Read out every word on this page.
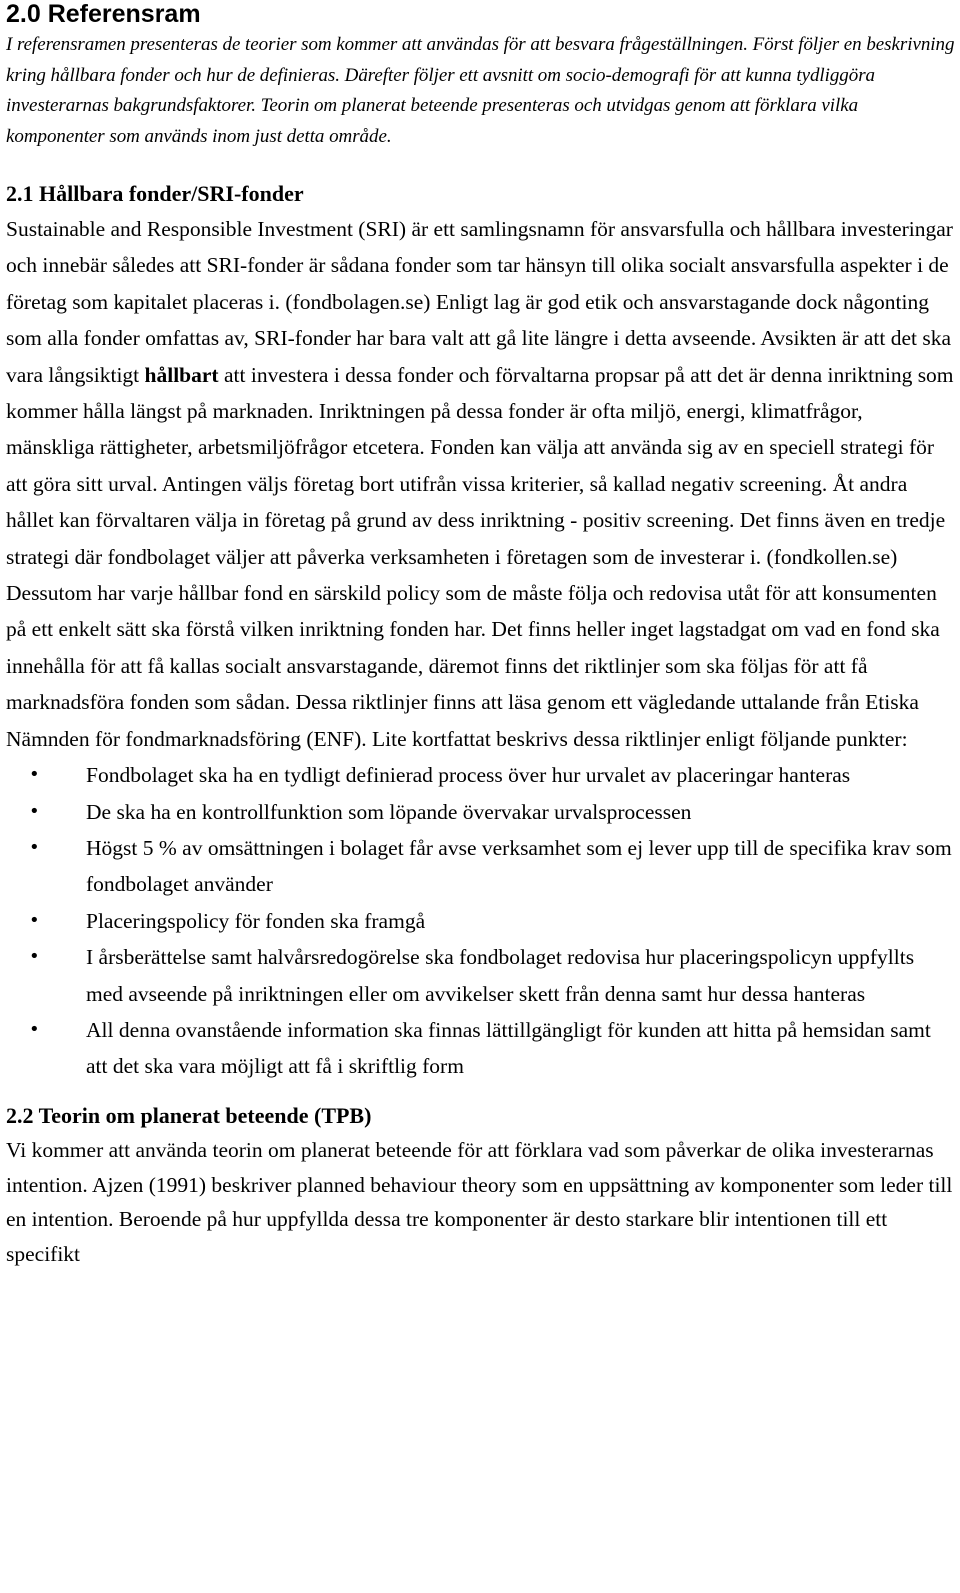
2.0 Referensram

I referensramen presenteras de teorier som kommer att användas för att besvara frågeställningen. Först följer en beskrivning kring hållbara fonder och hur de definieras. Därefter följer ett avsnitt om socio-demografi för att kunna tydliggöra investerarnas bakgrundsfaktorer. Teorin om planerat beteende presenteras och utvidgas genom att förklara vilka komponenter som används inom just detta område.

2.1 Hållbara fonder/SRI-fonder

Sustainable and Responsible Investment (SRI) är ett samlingsnamn för ansvarsfulla och hållbara investeringar och innebär således att SRI-fonder är sådana fonder som tar hänsyn till olika socialt ansvarsfulla aspekter i de företag som kapitalet placeras i. (fondbolagen.se) Enligt lag är god etik och ansvarstagande dock någonting som alla fonder omfattas av, SRI-fonder har bara valt att gå lite längre i detta avseende. Avsikten är att det ska vara långsiktigt hållbart att investera i dessa fonder och förvaltarna propsar på att det är denna inriktning som kommer hålla längst på marknaden. Inriktningen på dessa fonder är ofta miljö, energi, klimatfrågor, mänskliga rättigheter, arbetsmiljöfrågor etcetera. Fonden kan välja att använda sig av en speciell strategi för att göra sitt urval. Antingen väljs företag bort utifrån vissa kriterier, så kallad negativ screening. Åt andra hållet kan förvaltaren välja in företag på grund av dess inriktning - positiv screening. Det finns även en tredje strategi där fondbolaget väljer att påverka verksamheten i företagen som de investerar i. (fondkollen.se) Dessutom har varje hållbar fond en särskild policy som de måste följa och redovisa utåt för att konsumenten på ett enkelt sätt ska förstå vilken inriktning fonden har. Det finns heller inget lagstadgat om vad en fond ska innehålla för att få kallas socialt ansvarstagande, däremot finns det riktlinjer som ska följas för att få marknadsföra fonden som sådan. Dessa riktlinjer finns att läsa genom ett vägledande uttalande från Etiska Nämnden för fondmarknadsföring (ENF). Lite kortfattat beskrivs dessa riktlinjer enligt följande punkter:

• Fondbolaget ska ha en tydligt definierad process över hur urvalet av placeringar hanteras
• De ska ha en kontrollfunktion som löpande övervakar urvalsprocessen
• Högst 5 % av omsättningen i bolaget får avse verksamhet som ej lever upp till de specifika krav som fondbolaget använder
• Placeringspolicy för fonden ska framgå
• I årsberättelse samt halvårsredogörelse ska fondbolaget redovisa hur placeringspolicyn uppfyllts med avseende på inriktningen eller om avvikelser skett från denna samt hur dessa hanteras
• All denna ovanstående information ska finnas lättillgängligt för kunden att hitta på hemsidan samt att det ska vara möjligt att få i skriftlig form
2.2 Teorin om planerat beteende (TPB)

Vi kommer att använda teorin om planerat beteende för att förklara vad som påverkar de olika investerarnas intention. Ajzen (1991) beskriver planned behaviour theory som en uppsättning av komponenter som leder till en intention. Beroende på hur uppfyllda dessa tre komponenter är desto starkare blir intentionen till ett specifikt
